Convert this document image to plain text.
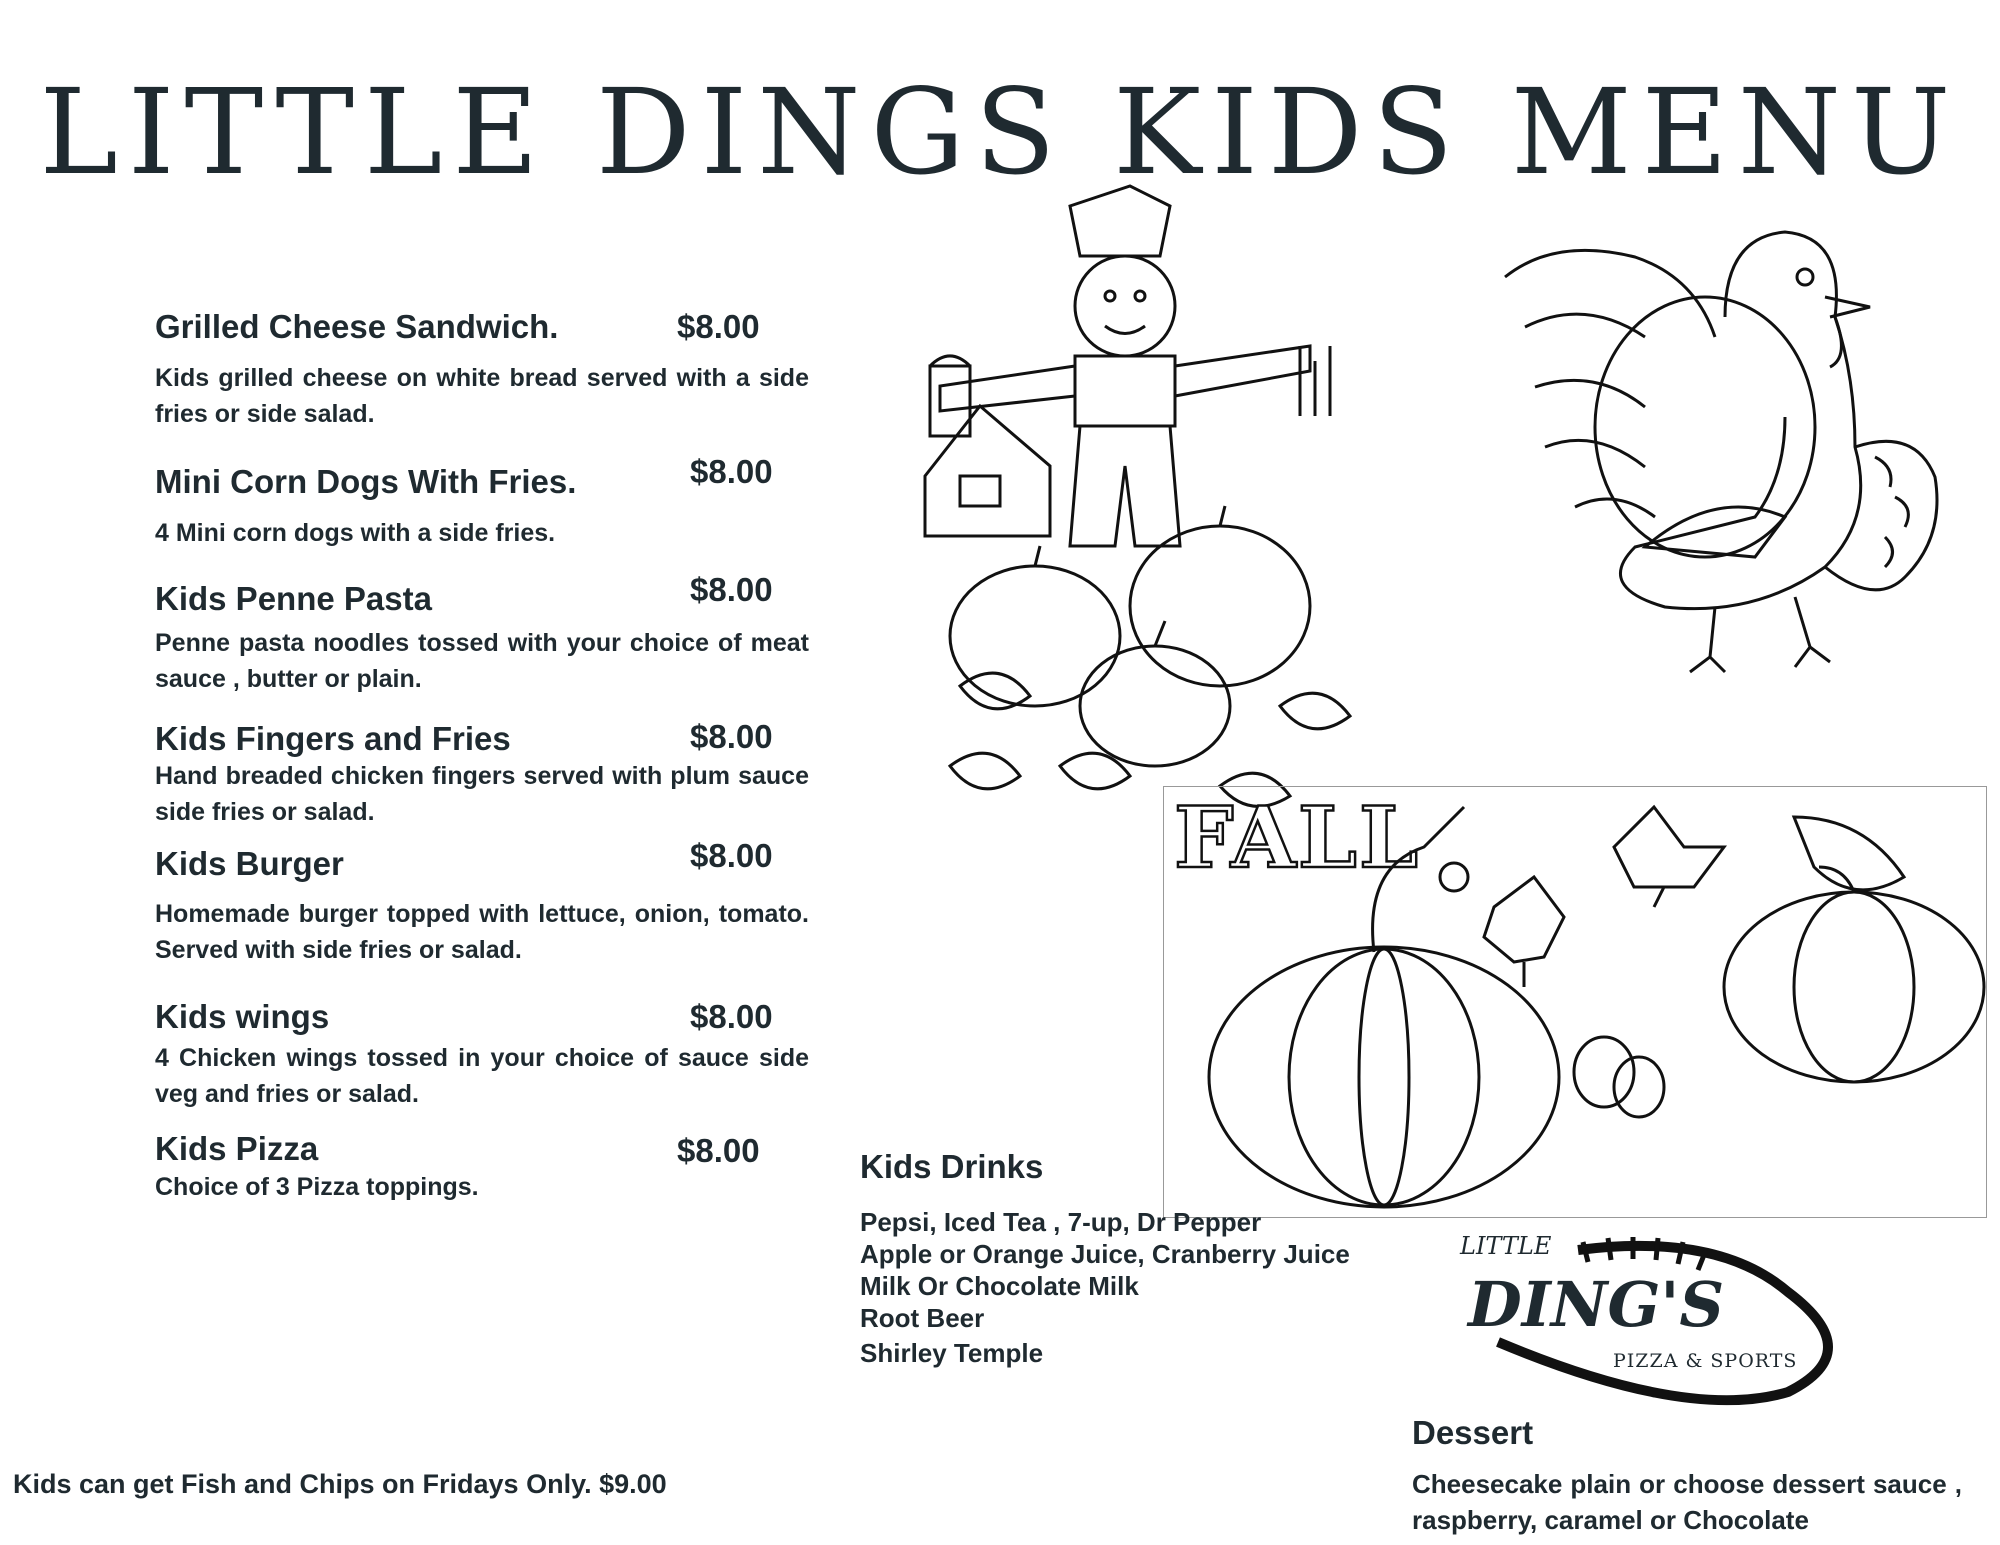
LITTLE DINGS KIDS MENU
Grilled Cheese Sandwich.	$8.00
Kids grilled cheese on white bread served with a side fries or side salad.
Mini Corn Dogs With Fries.	$8.00
4 Mini corn dogs with a side fries.
Kids Penne Pasta	$8.00
Penne pasta noodles tossed with your choice of meat sauce , butter or plain.
Kids Fingers and Fries	$8.00
Hand breaded chicken fingers served with plum sauce side fries or salad.
Kids Burger	$8.00
Homemade burger topped with lettuce, onion, tomato. Served with side fries or salad.
Kids wings	$8.00
4 Chicken wings tossed in your choice of sauce side veg and fries or salad.
Kids Pizza	$8.00
Choice of 3 Pizza toppings.
Kids can get Fish and Chips on Fridays Only. $9.00
FALL
Kids Drinks
Pepsi, Iced Tea , 7-up, Dr Pepper
Apple or Orange Juice, Cranberry Juice
Milk Or Chocolate Milk
Root Beer
Shirley Temple
LITTLE
DING'S
PIZZA & SPORTS
Dessert
Cheesecake plain or choose dessert sauce , raspberry, caramel or Chocolate
